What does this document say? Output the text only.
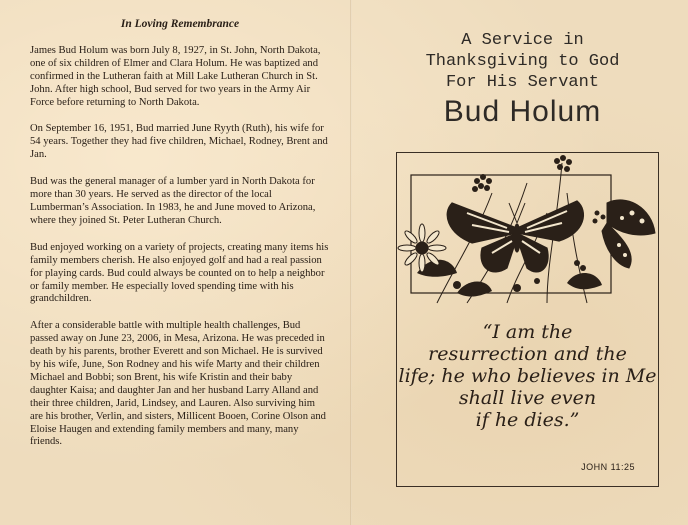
In Loving Remembrance

James Bud Holum was born July 8, 1927, in St. John, North Dakota, one of six children of Elmer and Clara Holum. He was baptized and confirmed in the Lutheran faith at Mill Lake Lutheran Church in St. John. After high school, Bud served for two years in the Army Air Force before returning to North Dakota.

On September 16, 1951, Bud married June Ryyth (Ruth), his wife for 54 years. Together they had five children, Michael, Rodney, Brent and Jan.

Bud was the general manager of a lumber yard in North Dakota for more than 30 years. He served as the director of the local Lumberman’s Association. In 1983, he and June moved to Arizona, where they joined St. Peter Lutheran Church.

Bud enjoyed working on a variety of projects, creating many items his family members cherish. He also enjoyed golf and had a real passion for playing cards. Bud could always be counted on to help a neighbor or family member. He especially loved spending time with his grandchildren.

After a considerable battle with multiple health challenges, Bud passed away on June 23, 2006, in Mesa, Arizona. He was preceded in death by his parents, brother Everett and son Michael. He is survived by his wife, June, Son Rodney and his wife Marty and their children Michael and Bobbi; son Brent, his wife Kristin and their baby daughter Kaisa; and daughter Jan and her husband Larry Alland and their three children, Jarid, Lindsey, and Lauren. Also surviving him are his brother, Verlin, and sisters, Millicent Booen, Corine Olson and Eloise Haugen and extending family members and many, many friends.

A Service in
Thanksgiving to God
For His Servant
Bud Holum
“I am the
resurrection and the
life; he who believes in Me
shall live even
if he dies.”
JOHN 11:25
